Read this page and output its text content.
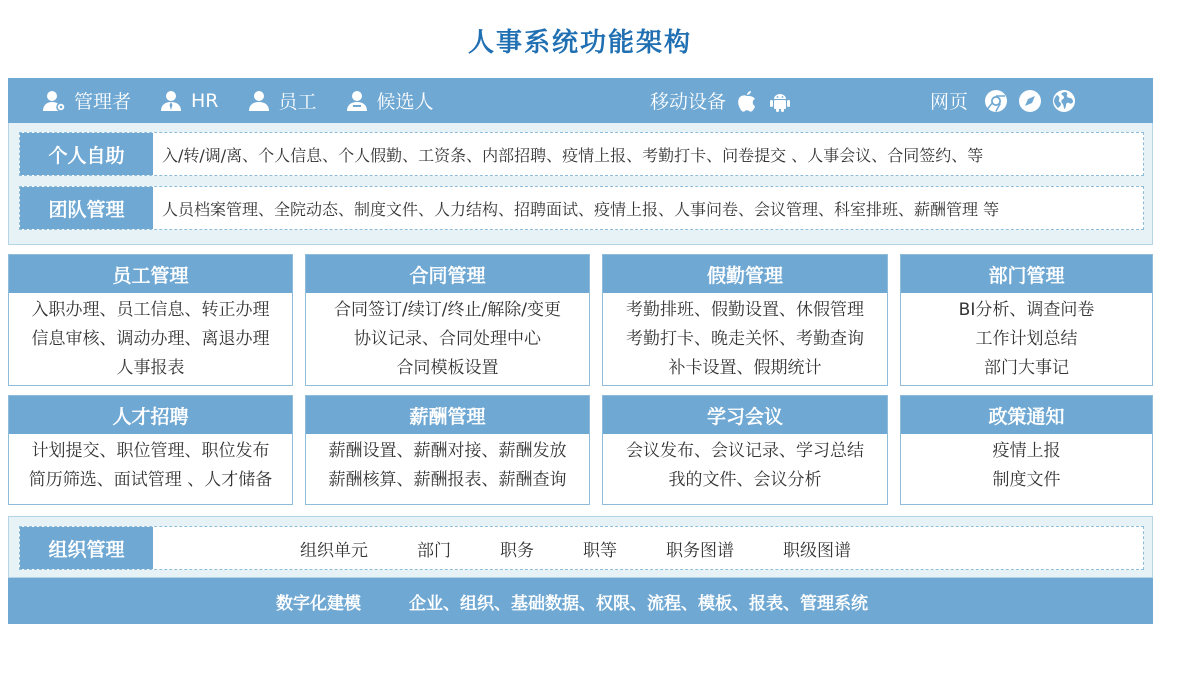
人事系统功能架构
管理者	HR	员工	候选人	移动设备	网页
个人自助	入/转/调/离、个人信息、个人假勤、工资条、内部招聘、疫情上报、考勤打卡、问卷提交 、人事会议、合同签约、等
团队管理	人员档案管理、全院动态、制度文件、人力结构、招聘面试、疫情上报、人事问卷、会议管理、科室排班、薪酬管理 等
员工管理
入职办理、员工信息、转正办理
信息审核、调动办理、离退办理
人事报表
合同管理
合同签订/续订/终止/解除/变更
协议记录、合同处理中心
合同模板设置
假勤管理
考勤排班、假勤设置、休假管理
考勤打卡、晚走关怀、考勤查询
补卡设置、假期统计
部门管理
BI分析、调查问卷
工作计划总结
部门大事记
人才招聘
计划提交、职位管理、职位发布
简历筛选、面试管理 、人才储备
薪酬管理
薪酬设置、薪酬对接、薪酬发放
薪酬核算、薪酬报表、薪酬查询
学习会议
会议发布、会议记录、学习总结
我的文件、会议分析
政策通知
疫情上报
制度文件
组织管理	组织单元	部门	职务	职等	职务图谱	职级图谱
数字化建模	企业、组织、基础数据、权限、流程、模板、报表、管理系统
